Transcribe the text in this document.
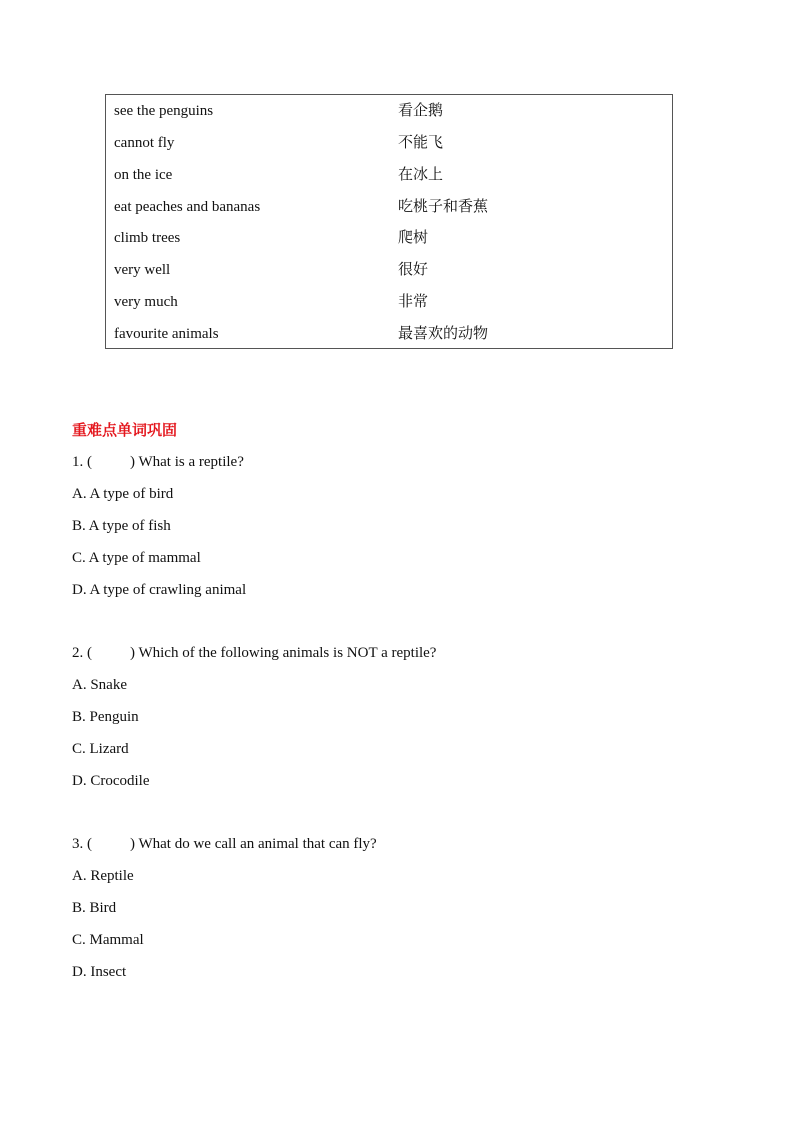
see the penguins	看企鹅
cannot fly	不能飞
on the ice	在冰上
eat peaches and bananas	吃桃子和香蕉
climb trees	爬树
very well	很好
very much	非常
favourite animals	最喜欢的动物
重难点单词巩固
1. (	) What is a reptile?
A. A type of bird
B. A type of fish
C. A type of mammal
D. A type of crawling animal
2. (	) Which of the following animals is NOT a reptile?
A. Snake
B. Penguin
C. Lizard
D. Crocodile
3. (	) What do we call an animal that can fly?
A. Reptile
B. Bird
C. Mammal
D. Insect
